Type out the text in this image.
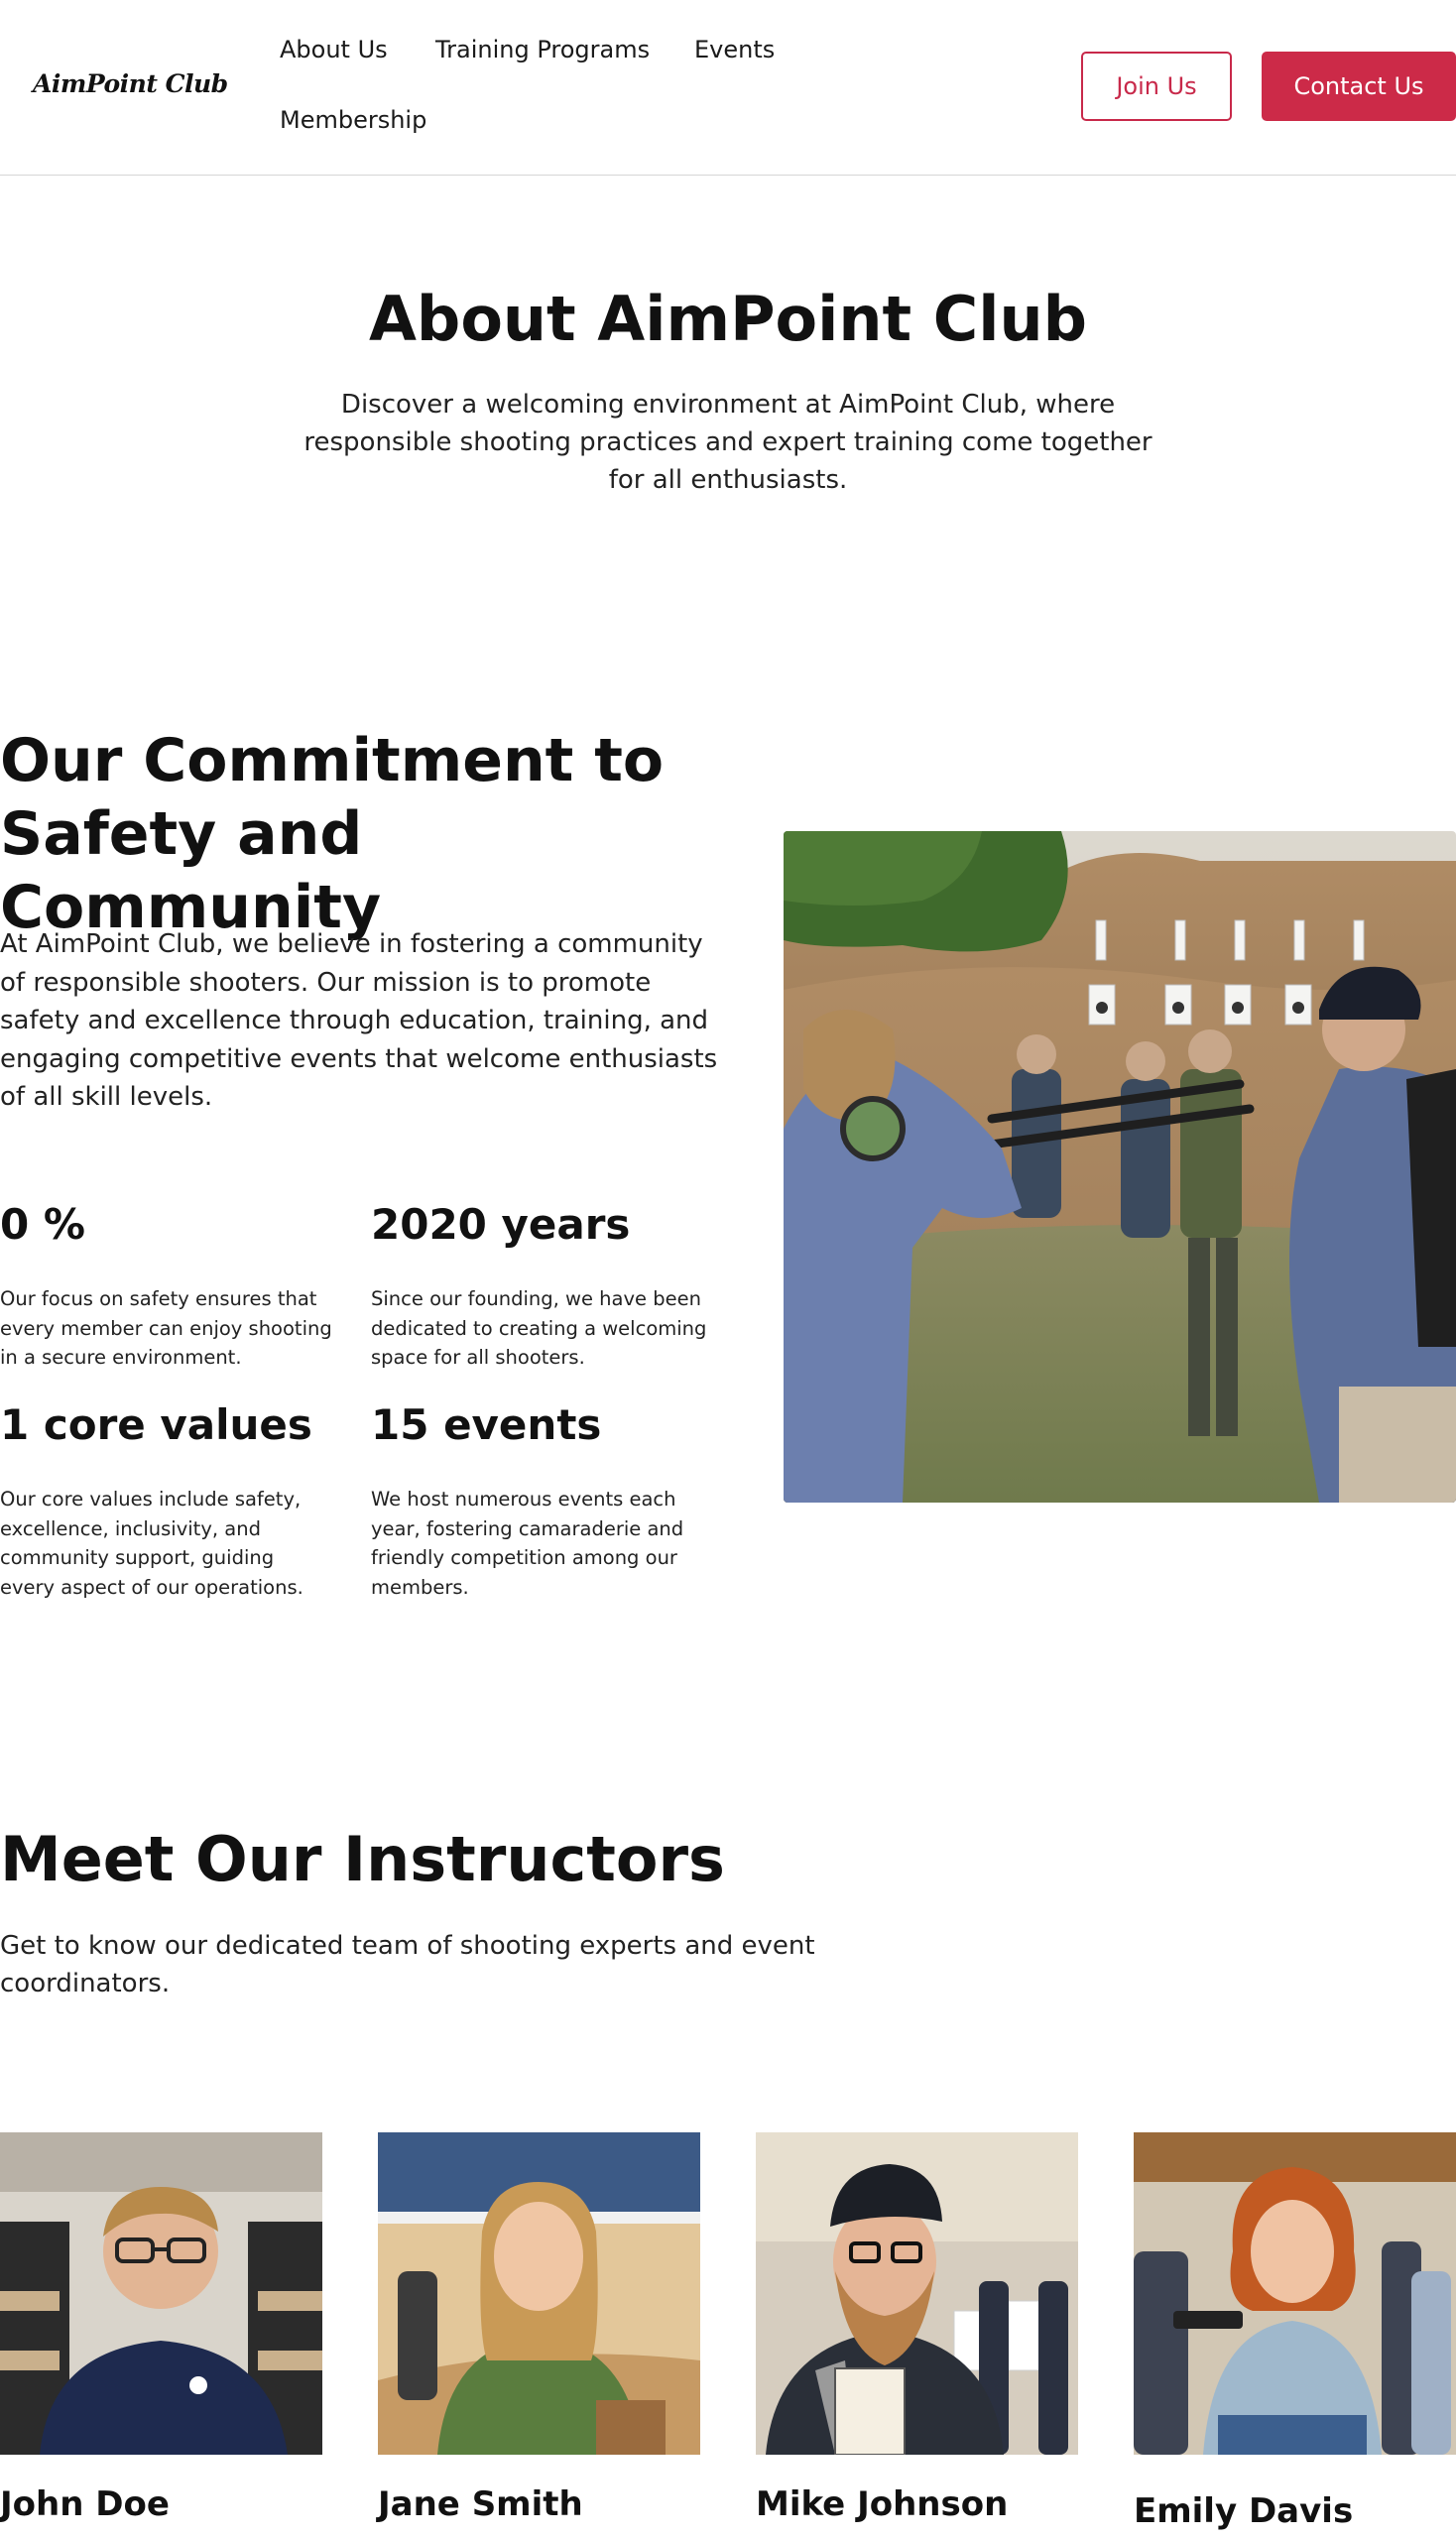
AimPoint Club
About Us Training Programs Events
Membership
Join Us	Contact Us
About AimPoint Club

Discover a welcoming environment at AimPoint Club, where responsible shooting practices and expert training come together for all enthusiasts.

Our Commitment to Safety and Community

At AimPoint Club, we believe in fostering a community of responsible shooters. Our mission is to promote safety and excellence through education, training, and engaging competitive events that welcome enthusiasts of all skill levels.

0 %
Our focus on safety ensures that every member can enjoy shooting in a secure environment.
2020 years
Since our founding, we have been dedicated to creating a welcoming space for all shooters.
1 core values
Our core values include safety, excellence, inclusivity, and community support, guiding every aspect of our operations.
15 events
We host numerous events each year, fostering camaraderie and friendly competition among our members.
Meet Our Instructors

Get to know our dedicated team of shooting experts and event coordinators.

John Doe	Jane Smith	Mike Johnson	Emily Davis
